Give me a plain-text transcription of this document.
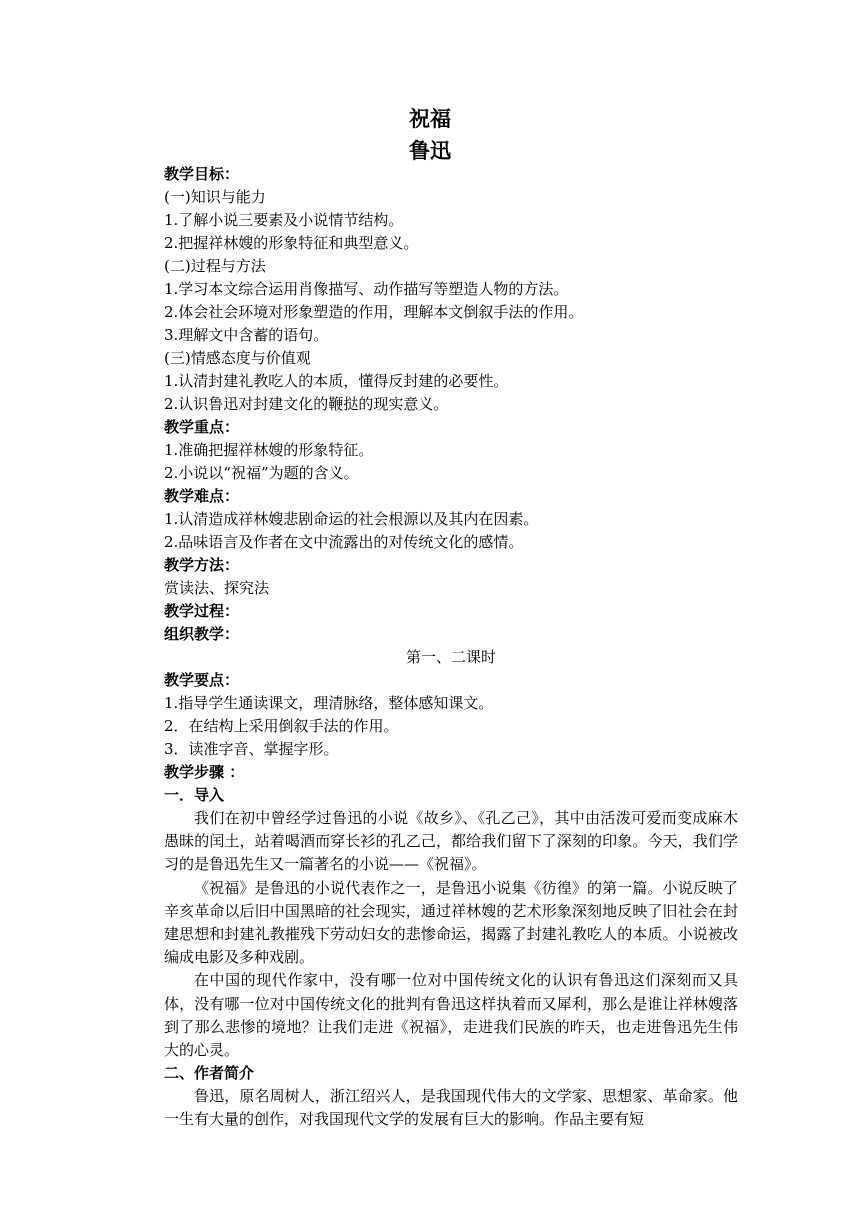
祝福
鲁迅
教学目标：
(一)知识与能力
1.了解小说三要素及小说情节结构。
2.把握祥林嫂的形象特征和典型意义。
(二)过程与方法
1.学习本文综合运用肖像描写、动作描写等塑造人物的方法。
2.体会社会环境对形象塑造的作用，理解本文倒叙手法的作用。
3.理解文中含蓄的语句。
(三)情感态度与价值观
1.认清封建礼教吃人的本质，懂得反封建的必要性。
2.认识鲁迅对封建文化的鞭挞的现实意义。
教学重点：
1.准确把握祥林嫂的形象特征。
2.小说以“祝福”为题的含义。
教学难点：
1.认清造成祥林嫂悲剧命运的社会根源以及其内在因素。
2.品味语言及作者在文中流露出的对传统文化的感情。
教学方法：
赏读法、探究法
教学过程：
组织教学：
第一、二课时
教学要点：
1.指导学生通读课文，理清脉络，整体感知课文。
2．在结构上采用倒叙手法的作用。
3．读准字音、掌握字形。
教学步骤 ：
一．导入
我们在初中曾经学过鲁迅的小说《故乡》、《孔乙己》，其中由活泼可爱而变成麻木愚昧的闰土，站着喝酒而穿长衫的孔乙己，都给我们留下了深刻的印象。今天，我们学习的是鲁迅先生又一篇著名的小说——《祝福》。
《祝福》是鲁迅的小说代表作之一，是鲁迅小说集《彷徨》的第一篇。小说反映了辛亥革命以后旧中国黑暗的社会现实，通过祥林嫂的艺术形象深刻地反映了旧社会在封建思想和封建礼教摧残下劳动妇女的悲惨命运，揭露了封建礼教吃人的本质。小说被改编成电影及多种戏剧。
在中国的现代作家中，没有哪一位对中国传统文化的认识有鲁迅这们深刻而又具体，没有哪一位对中国传统文化的批判有鲁迅这样执着而又犀利，那么是谁让祥林嫂落到了那么悲惨的境地？让我们走进《祝福》，走进我们民族的昨天，也走进鲁迅先生伟大的心灵。
二、作者简介
鲁迅，原名周树人，浙江绍兴人，是我国现代伟大的文学家、思想家、革命家。他一生有大量的创作，对我国现代文学的发展有巨大的影响。作品主要有短
